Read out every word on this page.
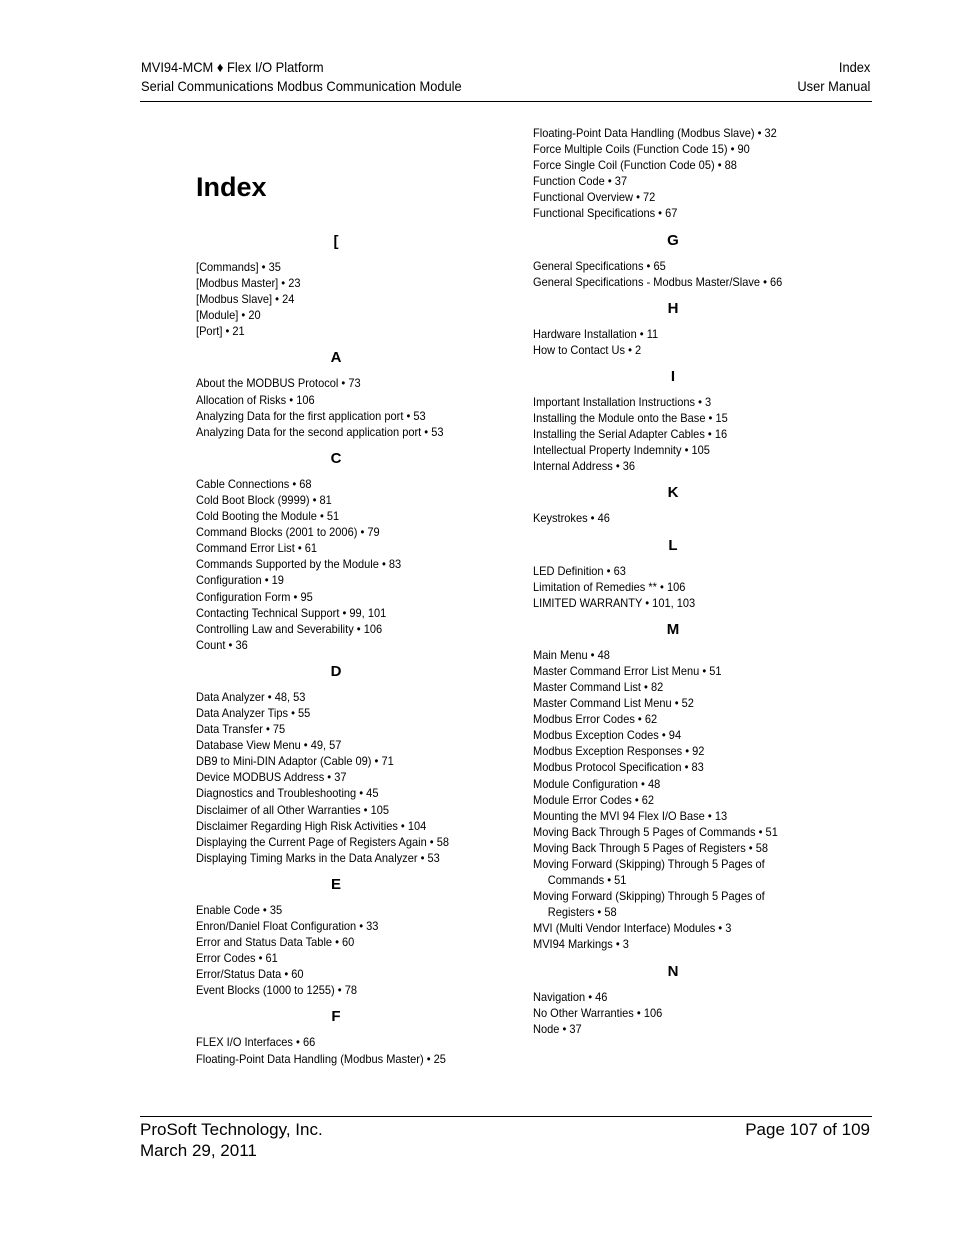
MVI94-MCM ♦ Flex I/O Platform
Serial Communications Modbus Communication Module
Index
User Manual
Index
[
[Commands] • 35
[Modbus Master] • 23
[Modbus Slave] • 24
[Module] • 20
[Port] • 21
A
About the MODBUS Protocol • 73
Allocation of Risks • 106
Analyzing Data for the first application port • 53
Analyzing Data for the second application port • 53
C
Cable Connections • 68
Cold Boot Block (9999) • 81
Cold Booting the Module • 51
Command Blocks (2001 to 2006) • 79
Command Error List • 61
Commands Supported by the Module • 83
Configuration • 19
Configuration Form • 95
Contacting Technical Support • 99, 101
Controlling Law and Severability • 106
Count • 36
D
Data Analyzer • 48, 53
Data Analyzer Tips • 55
Data Transfer • 75
Database View Menu • 49, 57
DB9 to Mini-DIN Adaptor (Cable 09) • 71
Device MODBUS Address • 37
Diagnostics and Troubleshooting • 45
Disclaimer of all Other Warranties • 105
Disclaimer Regarding High Risk Activities • 104
Displaying the Current Page of Registers Again • 58
Displaying Timing Marks in the Data Analyzer • 53
E
Enable Code • 35
Enron/Daniel Float Configuration • 33
Error and Status Data Table • 60
Error Codes • 61
Error/Status Data • 60
Event Blocks (1000 to 1255) • 78
F
FLEX I/O Interfaces • 66
Floating-Point Data Handling (Modbus Master) • 25
Floating-Point Data Handling (Modbus Slave) • 32
Force Multiple Coils (Function Code 15) • 90
Force Single Coil (Function Code 05) • 88
Function Code • 37
Functional Overview • 72
Functional Specifications • 67
G
General Specifications • 65
General Specifications - Modbus Master/Slave • 66
H
Hardware Installation • 11
How to Contact Us • 2
I
Important Installation Instructions • 3
Installing the Module onto the Base • 15
Installing the Serial Adapter Cables • 16
Intellectual Property Indemnity • 105
Internal Address • 36
K
Keystrokes • 46
L
LED Definition • 63
Limitation of Remedies ** • 106
LIMITED WARRANTY • 101, 103
M
Main Menu • 48
Master Command Error List Menu • 51
Master Command List • 82
Master Command List Menu • 52
Modbus Error Codes • 62
Modbus Exception Codes • 94
Modbus Exception Responses • 92
Modbus Protocol Specification • 83
Module Configuration • 48
Module Error Codes • 62
Mounting the MVI 94 Flex I/O Base • 13
Moving Back Through 5 Pages of Commands • 51
Moving Back Through 5 Pages of Registers • 58
Moving Forward (Skipping) Through 5 Pages of
Commands • 51
Moving Forward (Skipping) Through 5 Pages of
Registers • 58
MVI (Multi Vendor Interface) Modules • 3
MVI94 Markings • 3
N
Navigation • 46
No Other Warranties • 106
Node • 37
ProSoft Technology, Inc.
March 29, 2011
Page 107 of 109
